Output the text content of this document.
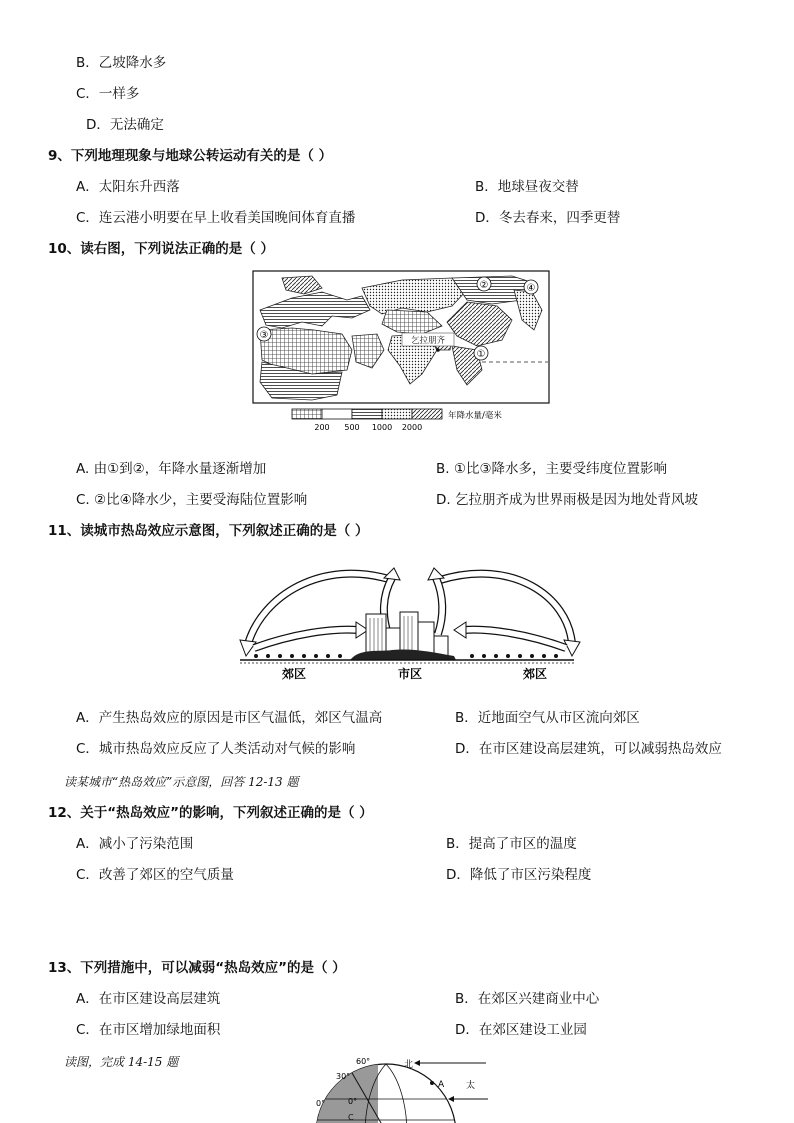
B．乙坡降水多
C．一样多
D．无法确定
9、下列地理现象与地球公转运动有关的是（ ）
A．太阳东升西落	B．地球昼夜交替
C．连云港小明要在早上收看美国晚间体育直播	D．冬去春来，四季更替
10、读右图，下列说法正确的是（ ）
乞拉朋齐
②	④
③
①
200 500 1000 2000
年降水量/毫米
A. 由①到②，年降水量逐渐增加	B. ①比③降水多，主要受纬度位置影响
C. ②比④降水少，主要受海陆位置影响	D. 乞拉朋齐成为世界雨极是因为地处背风坡
11、读城市热岛效应示意图，下列叙述正确的是（ ）
郊区	市区	郊区
A．产生热岛效应的原因是市区气温低，郊区气温高	B．近地面空气从市区流向郊区
C．城市热岛效应反应了人类活动对气候的影响	D．在市区建设高层建筑，可以减弱热岛效应
读某城市“热岛效应”示意图，回答 12-13 题
12、关于“热岛效应”的影响，下列叙述正确的是（ ）
A．减小了污染范围	B．提高了市区的温度
C．改善了郊区的空气质量	D．降低了市区污染程度
13、下列措施中，可以减弱“热岛效应”的是（ ）
A．在市区建设高层建筑	B．在郊区兴建商业中心
C．在市区增加绿地面积	D．在郊区建设工业园
读图，完成 14-15 题	60°
30°
0°	0°
北
A 太
C
